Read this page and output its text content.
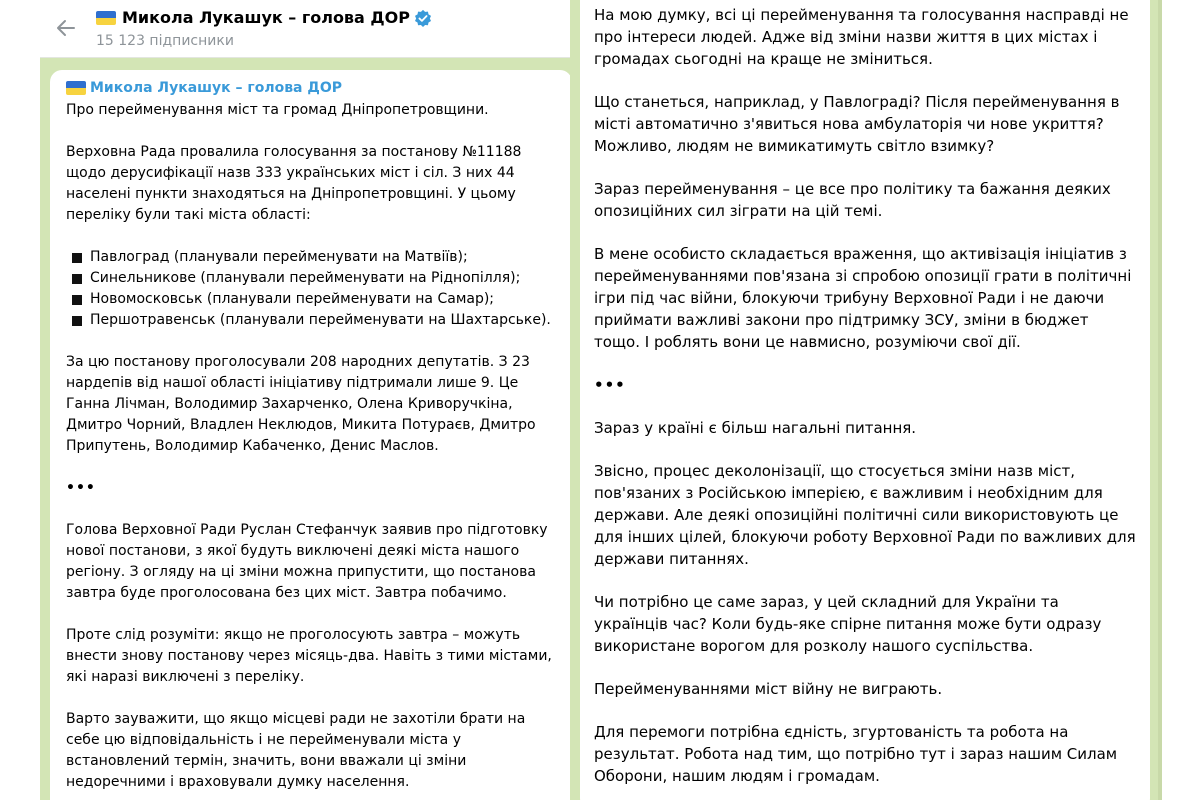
Микола Лукашук – голова ДОР
15 123 підписники
Микола Лукашук – голова ДОР

Про перейменування міст та громад Дніпропетровщини.

Верховна Рада провалила голосування за постанову №11188 щодо дерусифікації назв 333 українських міст і сіл. З них 44 населені пункти знаходяться на Дніпропетровщині. У цьому переліку були такі міста області:

Павлоград (планували перейменувати на Матвіїв);
Синельникове (планували перейменувати на Ріднопілля);
Новомосковськ (планували перейменувати на Самар);
Першотравенськ (планували перейменувати на Шахтарське).

За цю постанову проголосували 208 народних депутатів. З 23 нардепів від нашої області ініціативу підтримали лише 9. Це Ганна Лічман, Володимир Захарченко, Олена Криворучкіна, Дмитро Чорний, Владлен Неклюдов, Микита Потураєв, Дмитро Припутень, Володимир Кабаченко, Денис Маслов.

•••

Голова Верховної Ради Руслан Стефанчук заявив про підготовку нової постанови, з якої будуть виключені деякі міста нашого регіону. З огляду на ці зміни можна припустити, що постанова завтра буде проголосована без цих міст. Завтра побачимо.

Проте слід розуміти: якщо не проголосують завтра – можуть внести знову постанову через місяць-два. Навіть з тими містами, які наразі виключені з переліку.

Варто зауважити, що якщо місцеві ради не захотіли брати на себе цю відповідальність і не перейменували міста у встановлений термін, значить, вони вважали ці зміни недоречними і враховували думку населення.

На мою думку, всі ці перейменування та голосування насправді не про інтереси людей. Адже від зміни назви життя в цих містах і громадах сьогодні на краще не зміниться.

Що станеться, наприклад, у Павлограді? Після перейменування в місті автоматично з'явиться нова амбулаторія чи нове укриття? Можливо, людям не вимикатимуть світло взимку?

Зараз перейменування – це все про політику та бажання деяких опозиційних сил зіграти на цій темі.

В мене особисто складається враження, що активізація ініціатив з перейменуваннями пов'язана зі спробою опозиції грати в політичні ігри під час війни, блокуючи трибуну Верховної Ради і не даючи приймати важливі закони про підтримку ЗСУ, зміни в бюджет тощо. І роблять вони це навмисно, розуміючи свої дії.

•••

Зараз у країні є більш нагальні питання.

Звісно, процес деколонізації, що стосується зміни назв міст, пов'язаних з Російською імперією, є важливим і необхідним для держави. Але деякі опозиційні політичні сили використовують це для інших цілей, блокуючи роботу Верховної Ради по важливих для держави питаннях.

Чи потрібно це саме зараз, у цей складний для України та українців час? Коли будь-яке спірне питання може бути одразу використане ворогом для розколу нашого суспільства.

Перейменуваннями міст війну не виграють.

Для перемоги потрібна єдність, згуртованість та робота на результат. Робота над тим, що потрібно тут і зараз нашим Силам Оборони, нашим людям і громадам.
